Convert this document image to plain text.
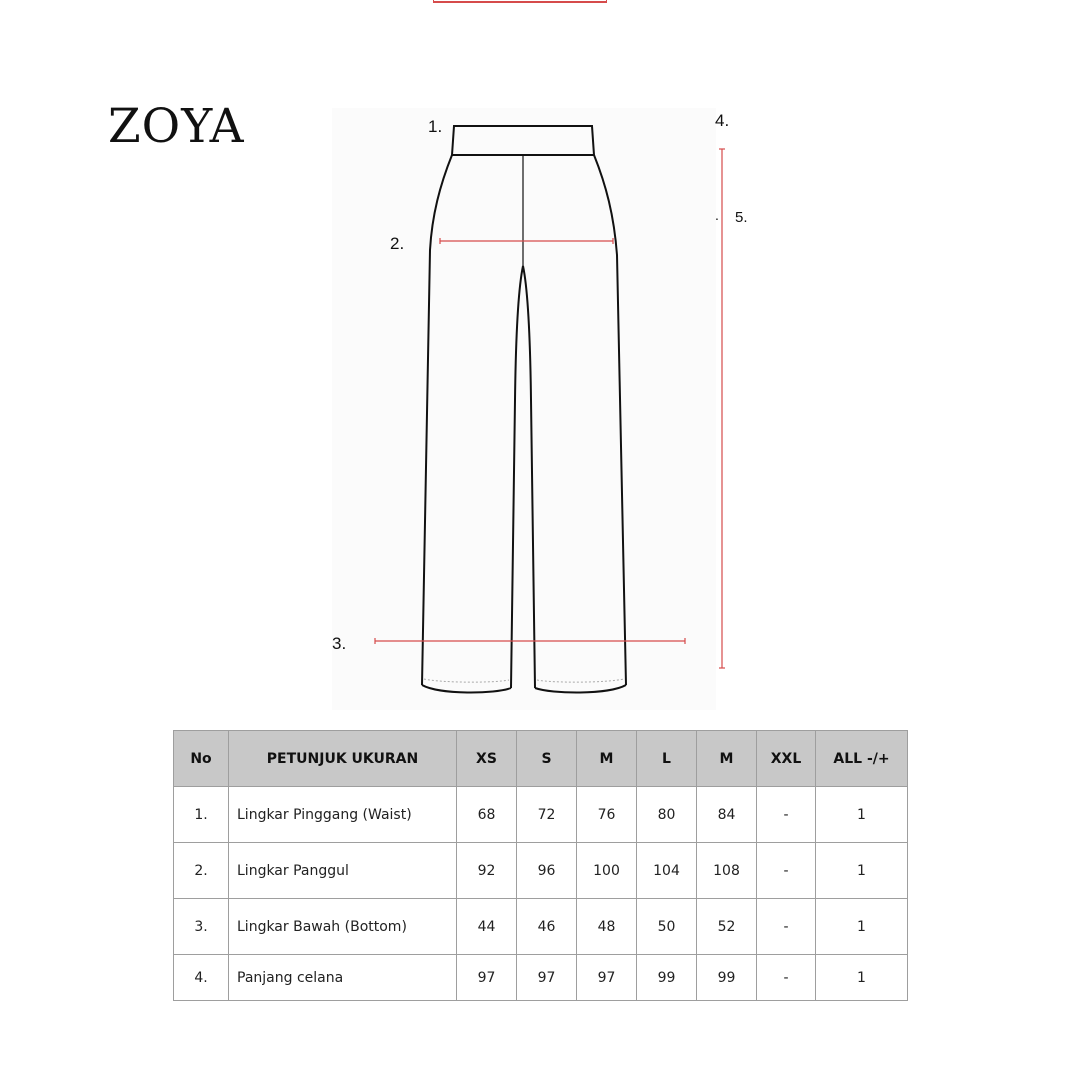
ZOYA	1.
2.
3.
4.
. 5.
No	PETUNJUK UKURAN	XS	S	M	L	M	XXL	ALL -/+
1.	Lingkar Pinggang (Waist)	68	72	76	80	84	-	1
2.	Lingkar Panggul	92	96	100	104	108	-	1
3.	Lingkar Bawah (Bottom)	44	46	48	50	52	-	1
4.	Panjang celana	97	97	97	99	99	-	1
